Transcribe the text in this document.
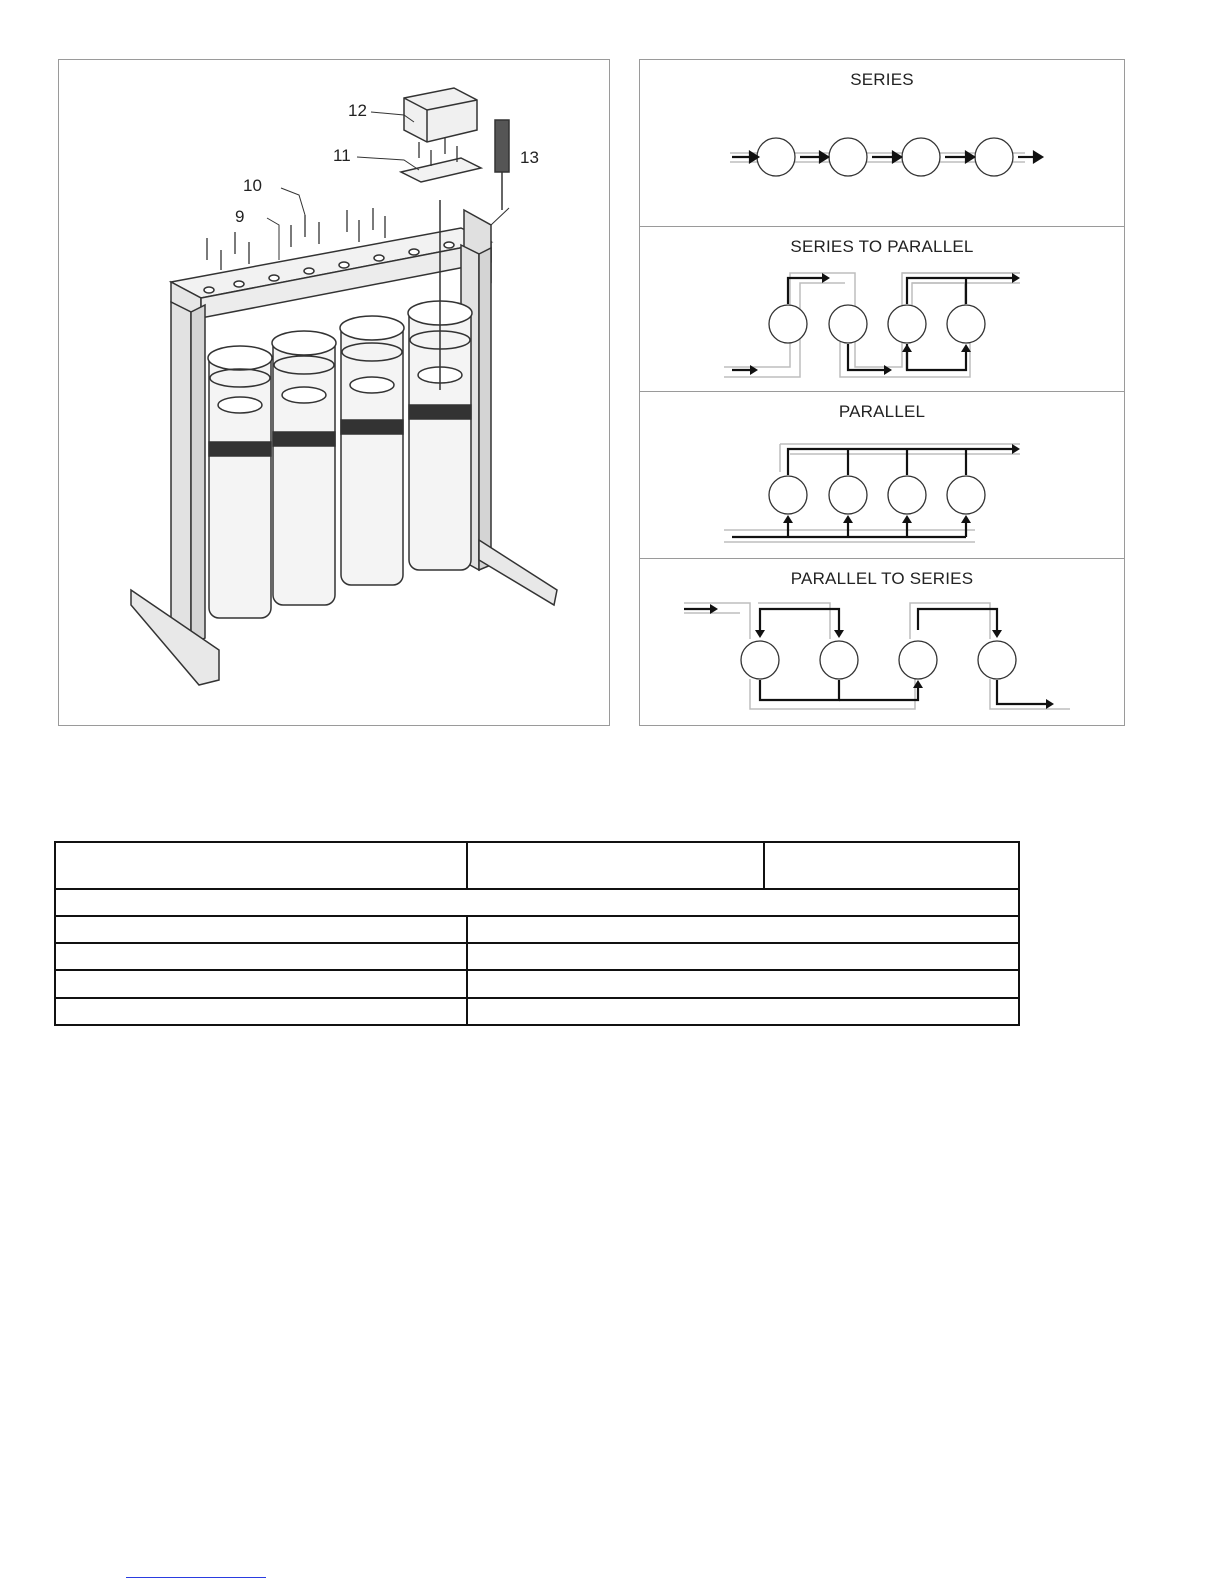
9
10
11
12
13
SERIES
SERIES TO PARALLEL
PARALLEL
PARALLEL TO SERIES
